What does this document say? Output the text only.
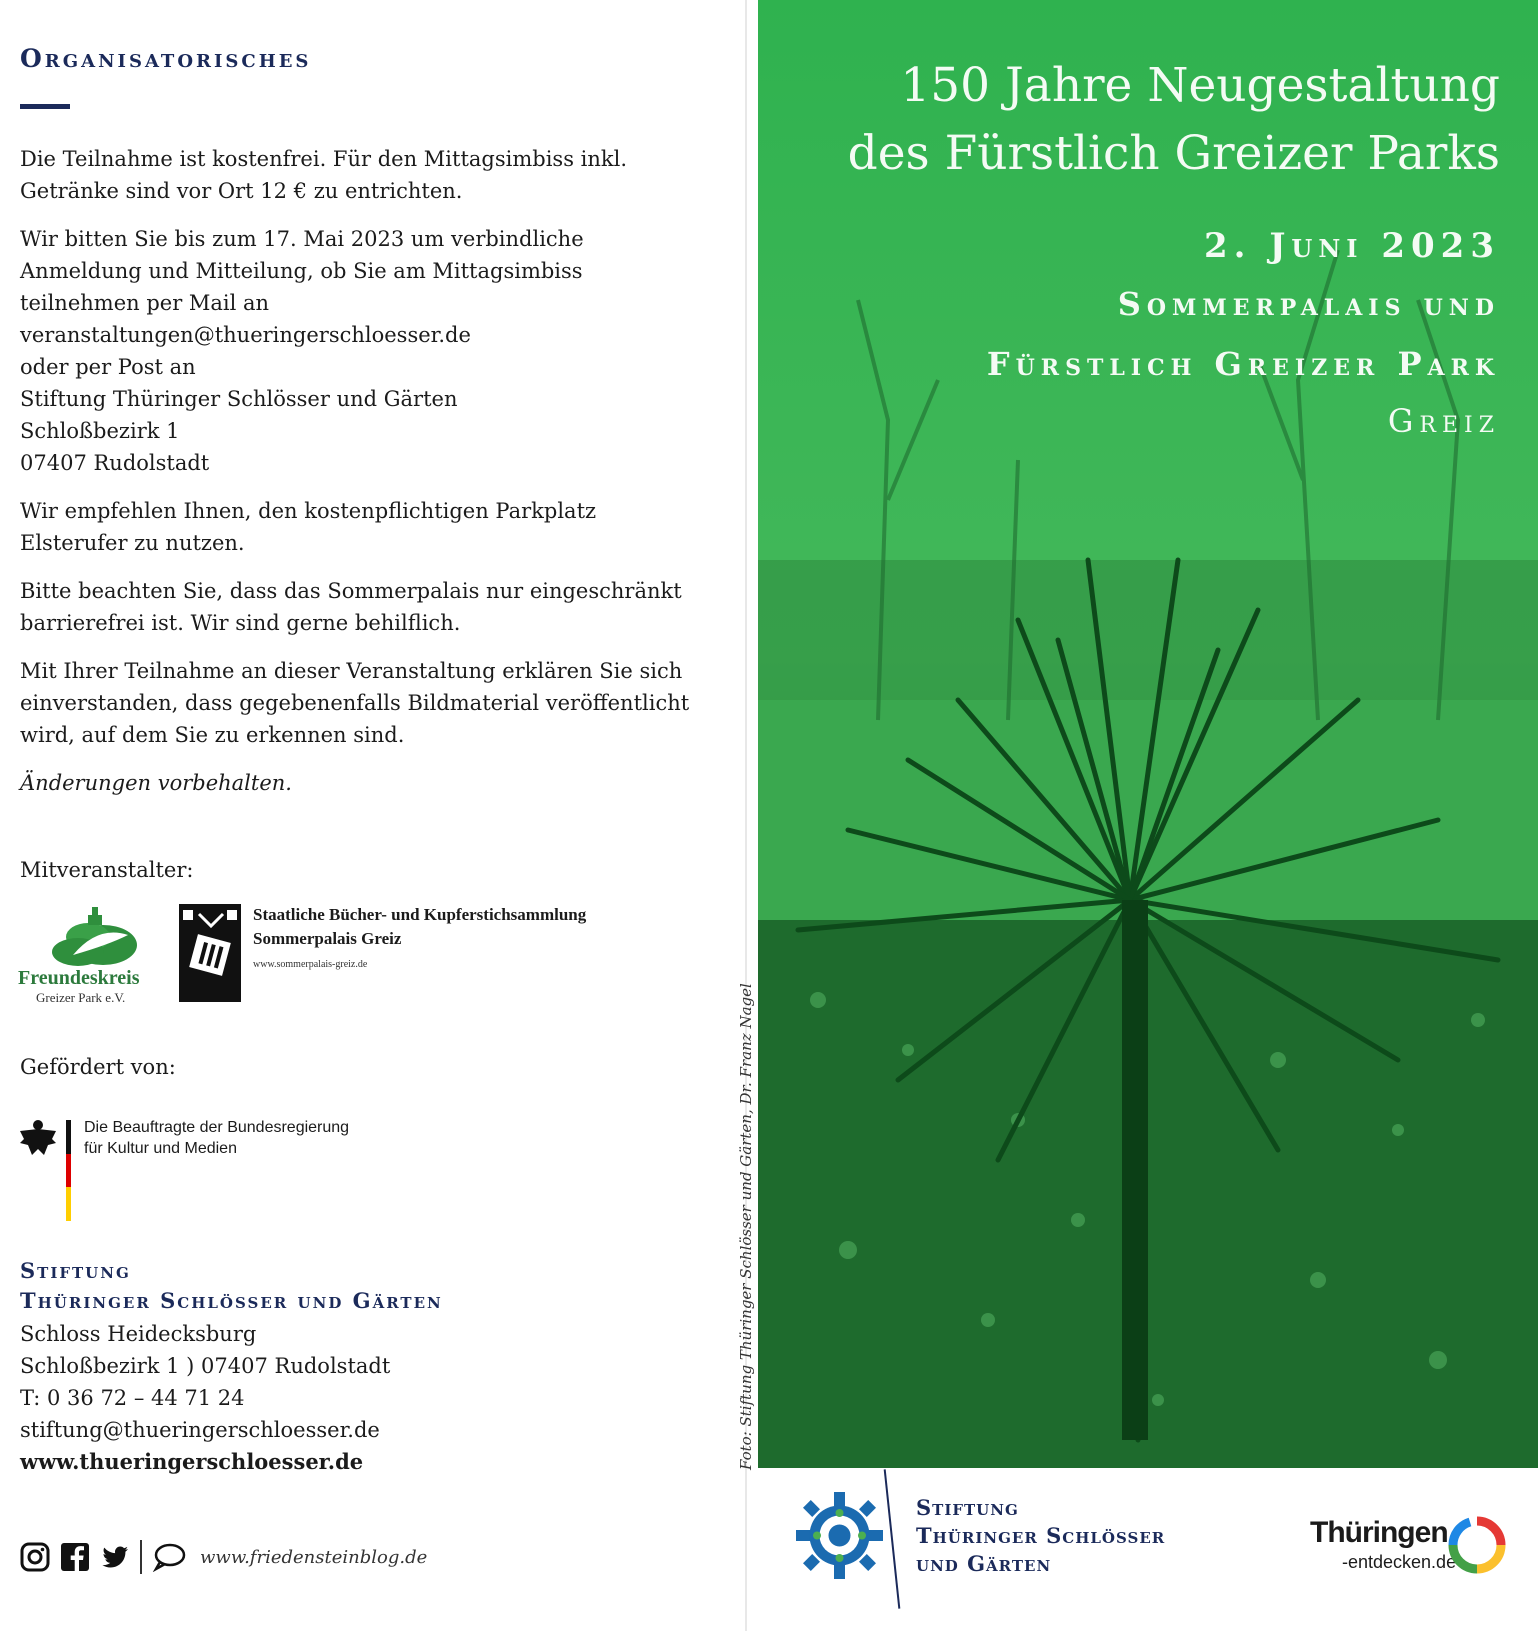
Organisatorisches

Die Teilnahme ist kostenfrei. Für den Mittagsimbiss inkl.
Getränke sind vor Ort 12 € zu entrichten.

Wir bitten Sie bis zum 17. Mai 2023 um verbindliche
Anmeldung und Mitteilung, ob Sie am Mittagsimbiss
teilnehmen per Mail an
veranstaltungen@thueringerschloesser.de
oder per Post an
Stiftung Thüringer Schlösser und Gärten
Schloßbezirk 1
07407 Rudolstadt

Wir empfehlen Ihnen, den kostenpflichtigen Parkplatz
Elsterufer zu nutzen.

Bitte beachten Sie, dass das Sommerpalais nur eingeschränkt
barrierefrei ist. Wir sind gerne behilflich.

Mit Ihrer Teilnahme an dieser Veranstaltung erklären Sie sich
einverstanden, dass gegebenenfalls Bildmaterial veröffentlicht
wird, auf dem Sie zu erkennen sind.

Änderungen vorbehalten.

Mitveranstalter:
Freundeskreis
Greizer Park e.V.
Staatliche Bücher- und Kupferstichsammlung
Sommerpalais Greiz
www.sommerpalais-greiz.de
Gefördert von:
Die Beauftragte der Bundesregierung
für Kultur und Medien
Stiftung
Thüringer Schlösser und Gärten
Schloss Heidecksburg
Schloßbezirk 1 ) 07407 Rudolstadt
T: 0 36 72 – 44 71 24
stiftung@thueringerschloesser.de
www.thueringerschloesser.de
www.friedensteinblog.de
Foto: Stiftung Thüringer Schlösser und Gärten, Dr. Franz Nagel
150 Jahre Neugestaltung
des Fürstlich Greizer Parks
2. Juni 2023
Sommerpalais und
Fürstlich Greizer Park
Greiz
Stiftung
Thüringer Schlösser
und Gärten
Thüringen
-entdecken.de
